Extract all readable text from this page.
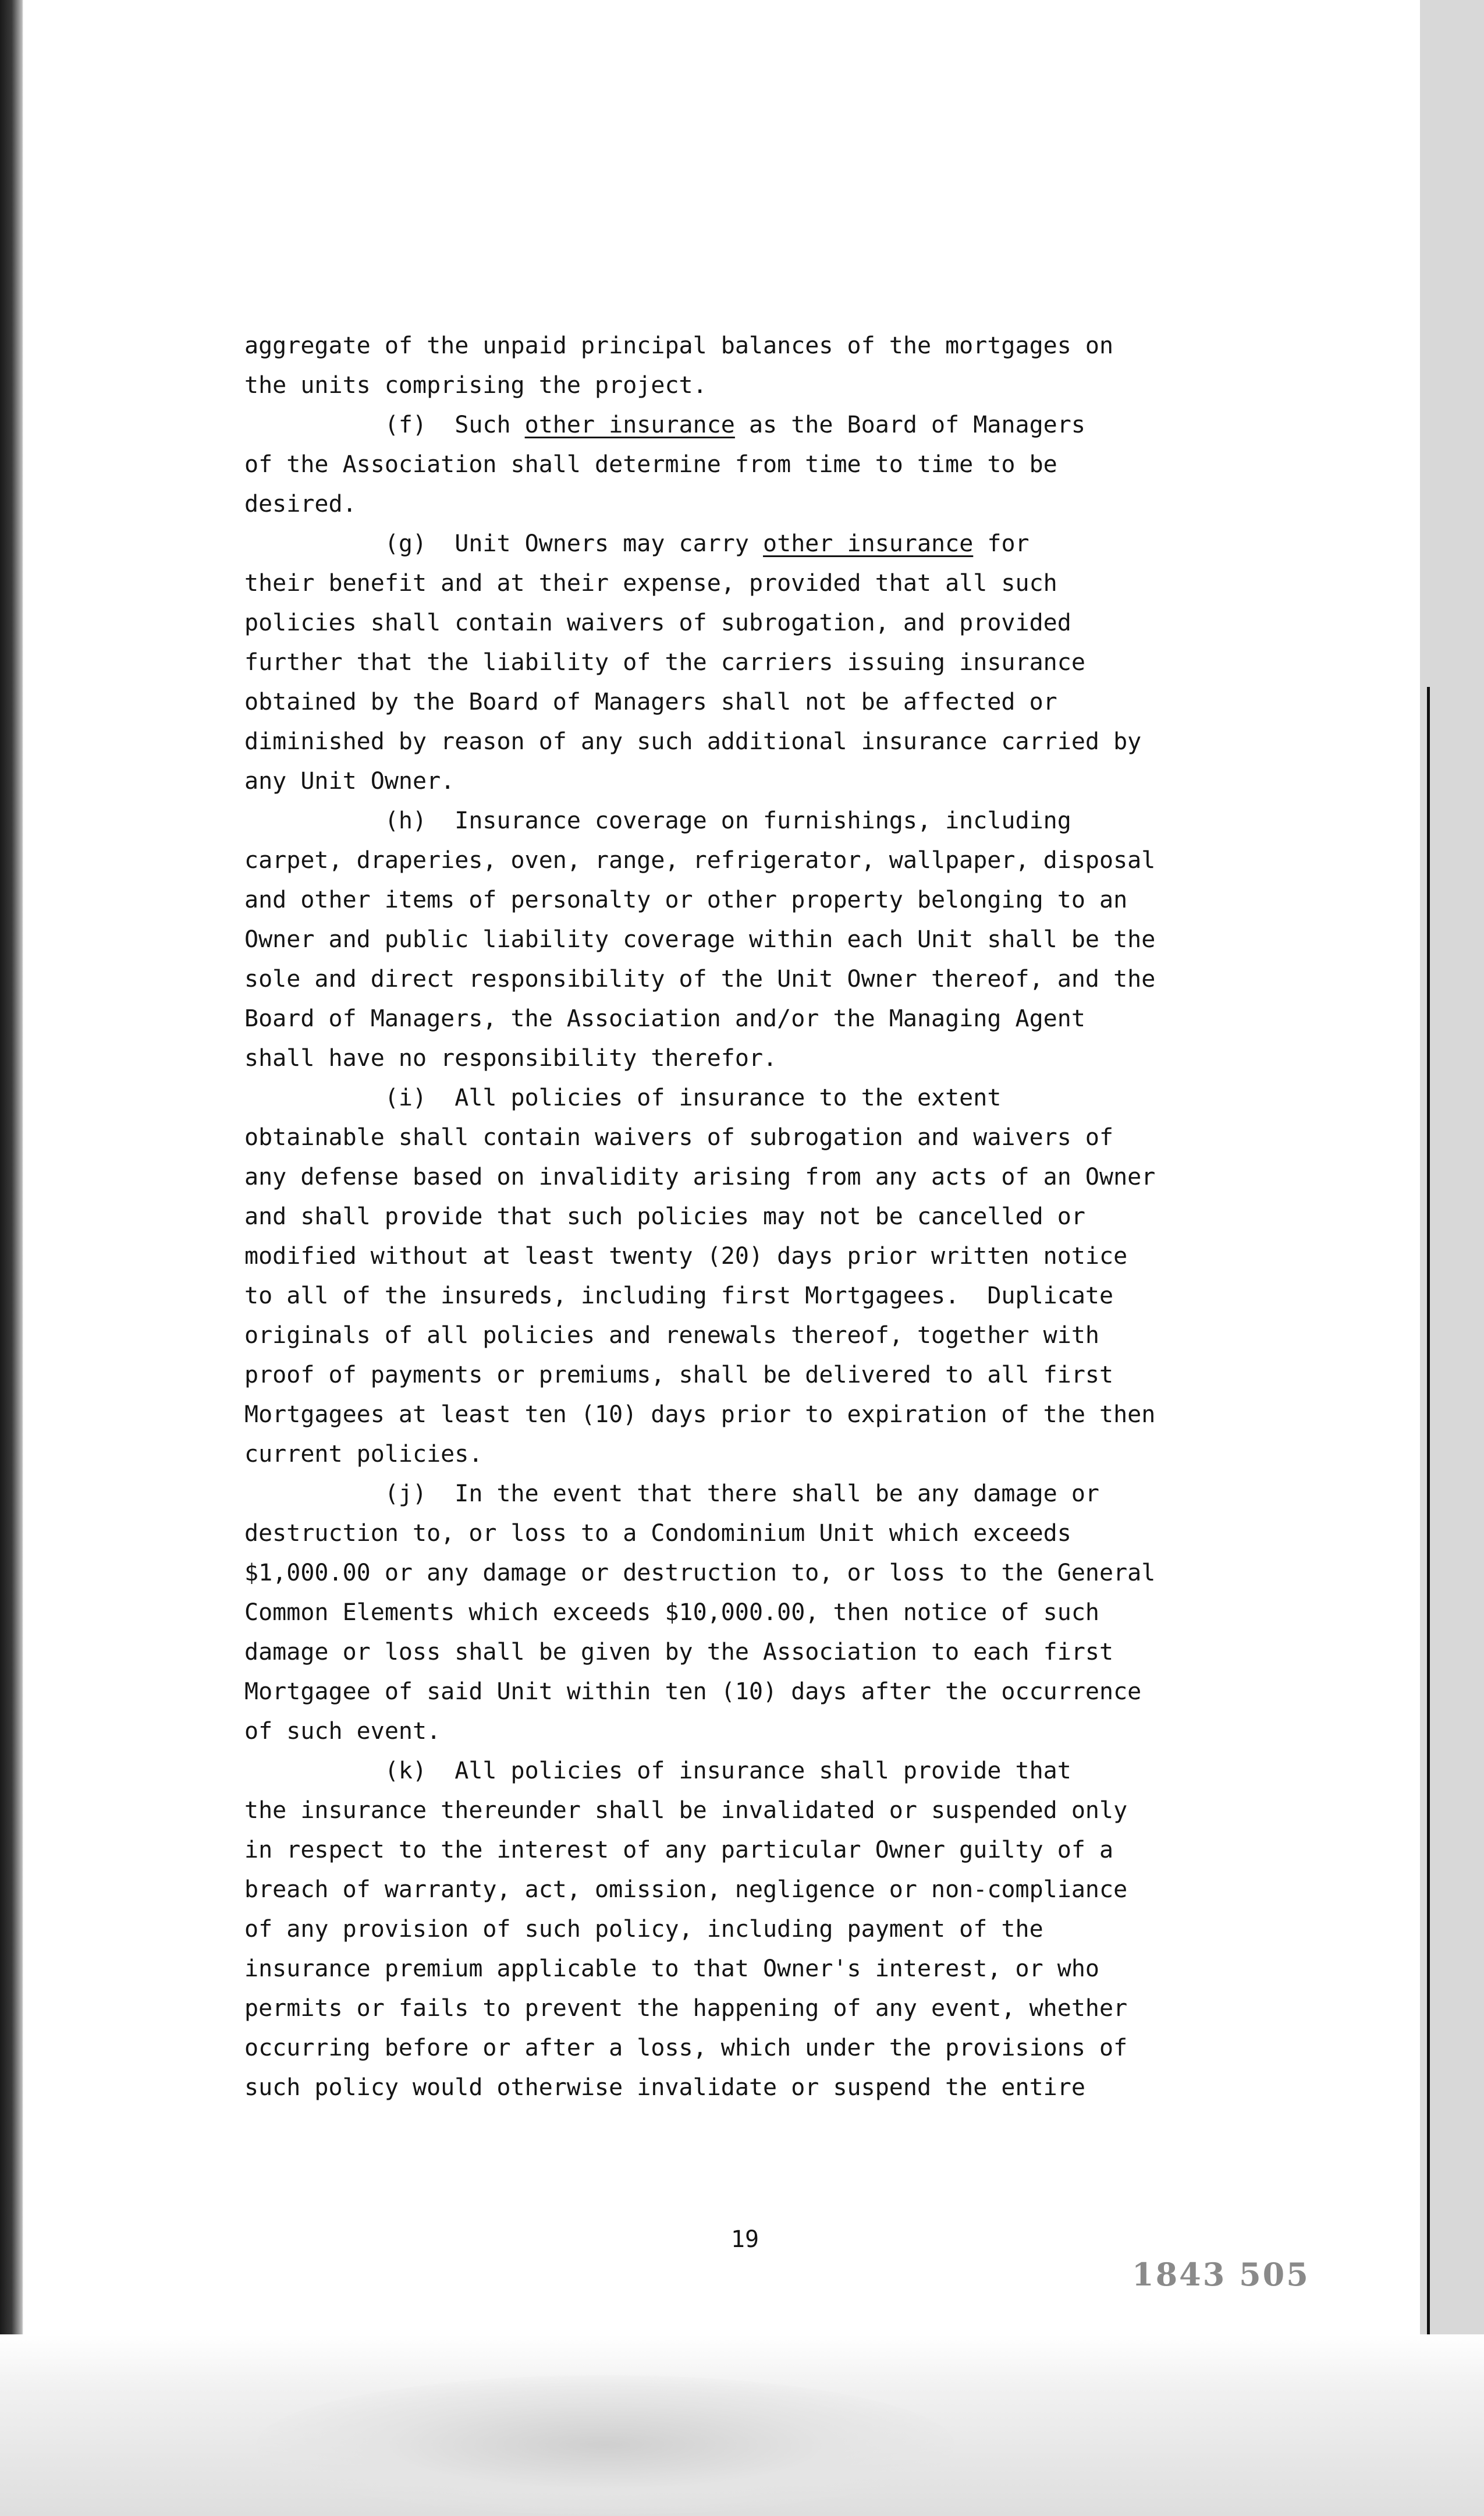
aggregate of the unpaid principal balances of the mortgages on
the units comprising the project.
(f)  Such other insurance as the Board of Managers
of the Association shall determine from time to time to be
desired.
(g)  Unit Owners may carry other insurance for
their benefit and at their expense, provided that all such
policies shall contain waivers of subrogation, and provided
further that the liability of the carriers issuing insurance
obtained by the Board of Managers shall not be affected or
diminished by reason of any such additional insurance carried by
any Unit Owner.
(h)  Insurance coverage on furnishings, including
carpet, draperies, oven, range, refrigerator, wallpaper, disposal
and other items of personalty or other property belonging to an
Owner and public liability coverage within each Unit shall be the
sole and direct responsibility of the Unit Owner thereof, and the
Board of Managers, the Association and/or the Managing Agent
shall have no responsibility therefor.
(i)  All policies of insurance to the extent
obtainable shall contain waivers of subrogation and waivers of
any defense based on invalidity arising from any acts of an Owner
and shall provide that such policies may not be cancelled or
modified without at least twenty (20) days prior written notice
to all of the insureds, including first Mortgagees.  Duplicate
originals of all policies and renewals thereof, together with
proof of payments or premiums, shall be delivered to all first
Mortgagees at least ten (10) days prior to expiration of the then
current policies.
(j)  In the event that there shall be any damage or
destruction to, or loss to a Condominium Unit which exceeds
$1,000.00 or any damage or destruction to, or loss to the General
Common Elements which exceeds $10,000.00, then notice of such
damage or loss shall be given by the Association to each first
Mortgagee of said Unit within ten (10) days after the occurrence
of such event.
(k)  All policies of insurance shall provide that
the insurance thereunder shall be invalidated or suspended only
in respect to the interest of any particular Owner guilty of a
breach of warranty, act, omission, negligence or non-compliance
of any provision of such policy, including payment of the
insurance premium applicable to that Owner's interest, or who
permits or fails to prevent the happening of any event, whether
occurring before or after a loss, which under the provisions of
such policy would otherwise invalidate or suspend the entire
19
1843 505
